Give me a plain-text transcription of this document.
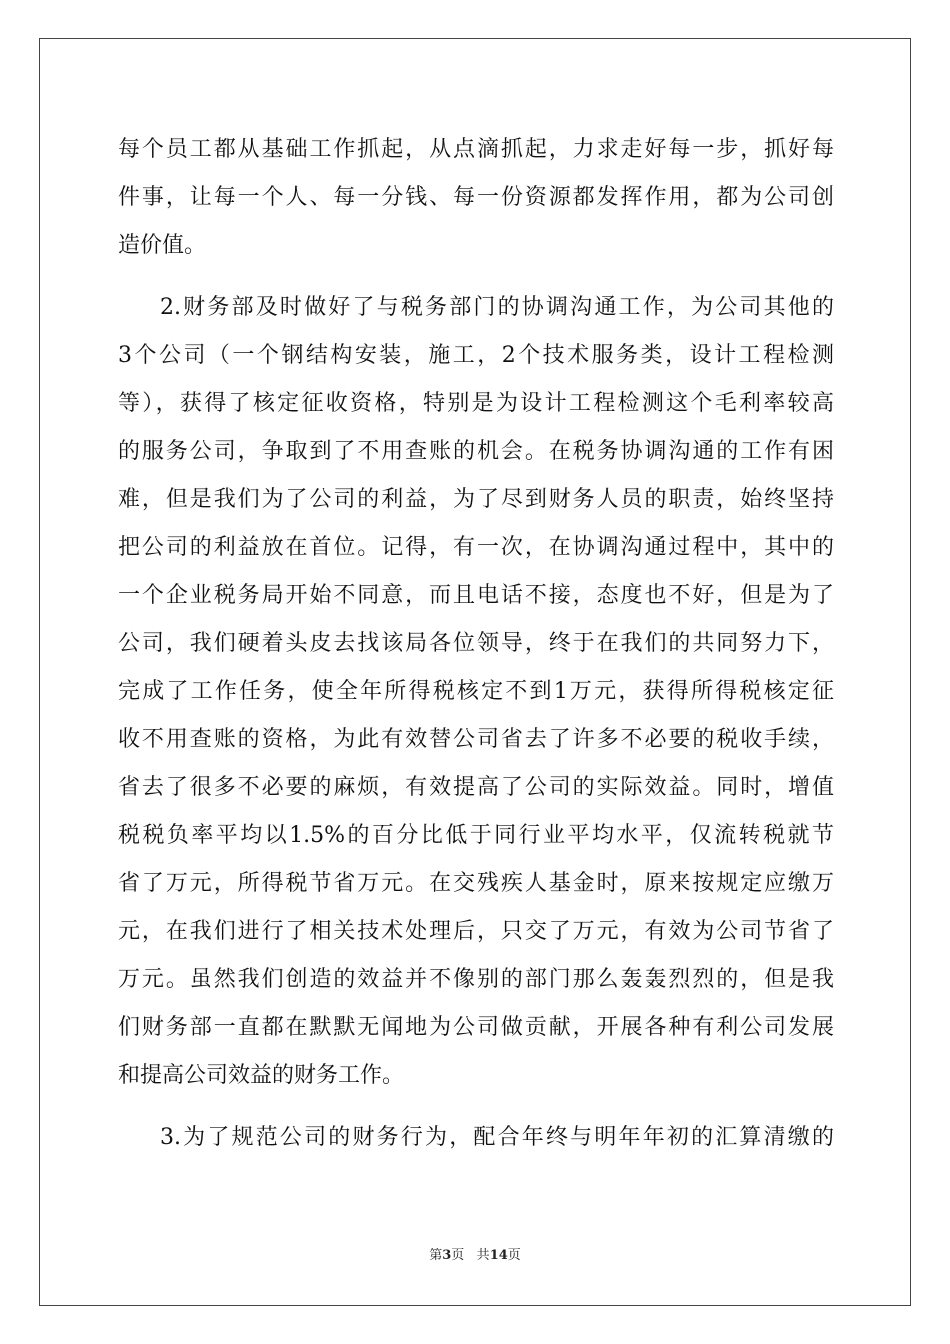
每个员工都从基础工作抓起，从点滴抓起，力求走好每一步，抓好每
件事，让每一个人、每一分钱、每一份资源都发挥作用，都为公司创
造价值。
2.财务部及时做好了与税务部门的协调沟通工作，为公司其他的
3个公司（一个钢结构安装，施工，2个技术服务类，设计工程检测
等），获得了核定征收资格，特别是为设计工程检测这个毛利率较高
的服务公司，争取到了不用查账的机会。在税务协调沟通的工作有困
难，但是我们为了公司的利益，为了尽到财务人员的职责，始终坚持
把公司的利益放在首位。记得，有一次，在协调沟通过程中，其中的
一个企业税务局开始不同意，而且电话不接，态度也不好，但是为了
公司，我们硬着头皮去找该局各位领导，终于在我们的共同努力下，
完成了工作任务，使全年所得税核定不到1万元，获得所得税核定征
收不用查账的资格，为此有效替公司省去了许多不必要的税收手续，
省去了很多不必要的麻烦，有效提高了公司的实际效益。同时，增值
税税负率平均以1.5%的百分比低于同行业平均水平，仅流转税就节
省了万元，所得税节省万元。在交残疾人基金时，原来按规定应缴万
元，在我们进行了相关技术处理后，只交了万元，有效为公司节省了
万元。虽然我们创造的效益并不像别的部门那么轰轰烈烈的，但是我
们财务部一直都在默默无闻地为公司做贡献，开展各种有利公司发展
和提高公司效益的财务工作。
3.为了规范公司的财务行为，配合年终与明年年初的汇算清缴的
第3页 共14页
